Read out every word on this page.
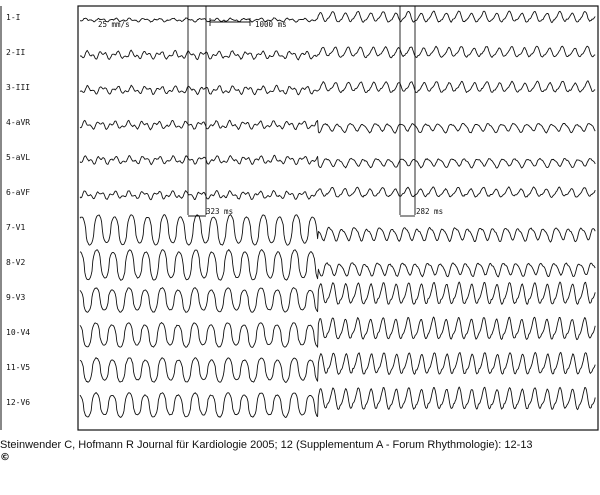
1-I
2-II
3-III
4-aVR
5-aVL
6-aVF
7-V1
8-V2
9-V3
10-V4
11-V5
12-V6
25 mm/s	1000 ms
323 ms	282 ms
Steinwender C, Hofmann R Journal für Kardiologie 2005; 12 (Supplementum A - Forum Rhythmologie): 12-13
©
